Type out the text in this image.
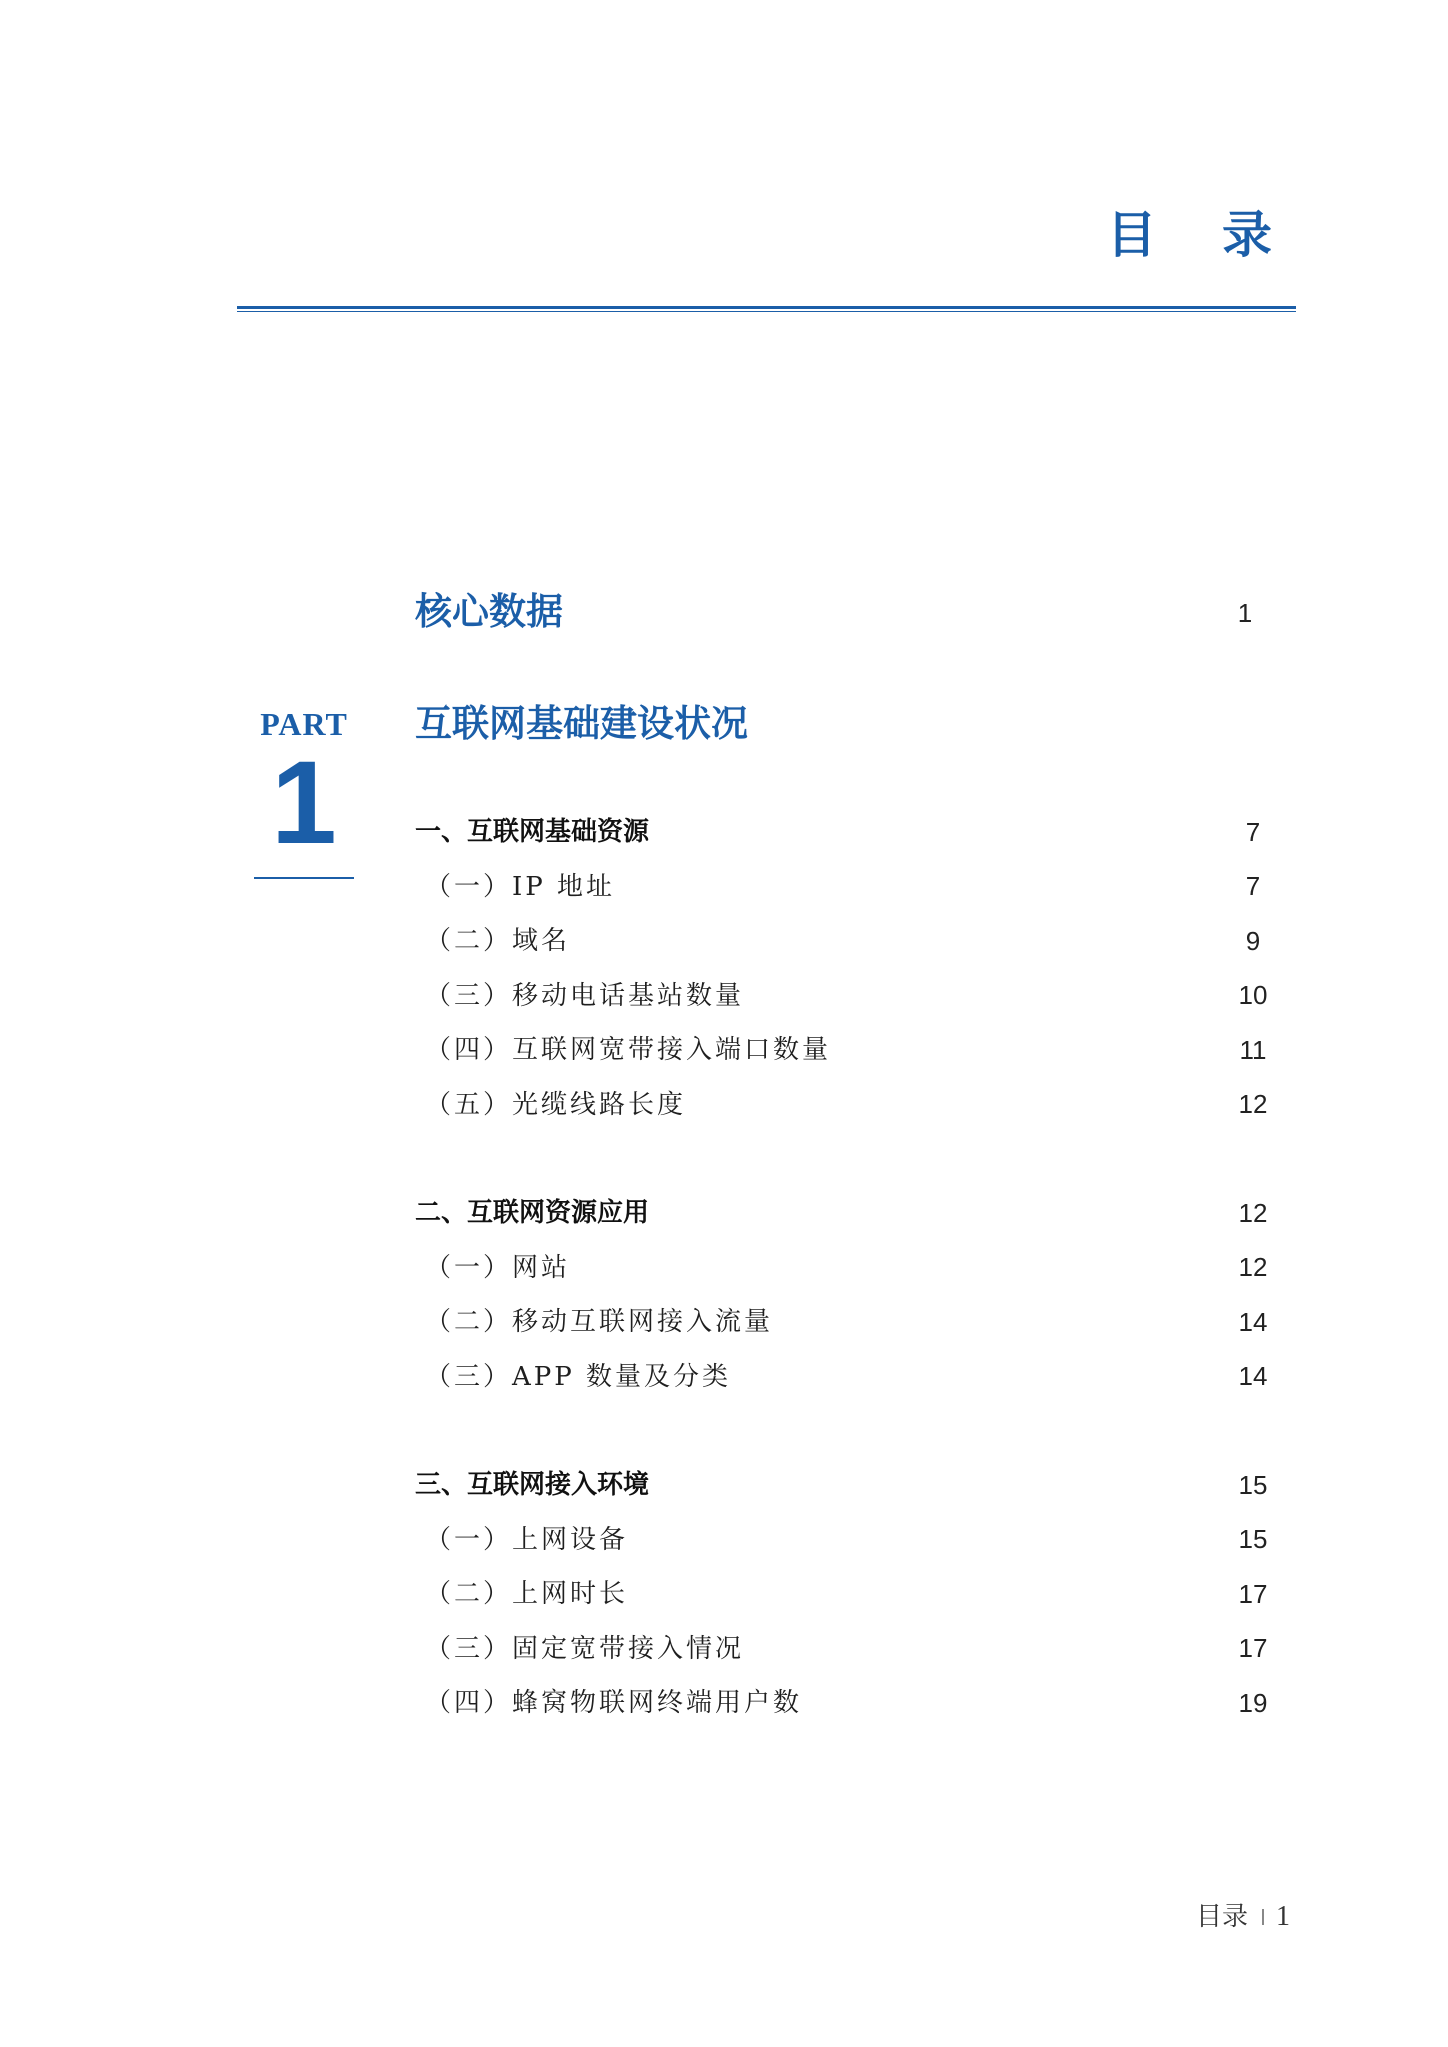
目 录
核心数据	1
PART
1
互联网基础建设状况
一、互联网基础资源	7
（一）IP 地址	7
（二）域名	9
（三）移动电话基站数量	10
（四）互联网宽带接入端口数量	11
（五）光缆线路长度	12
二、互联网资源应用	12
（一）网站	12
（二）移动互联网接入流量	14
（三）APP 数量及分类	14
三、互联网接入环境	15
（一）上网设备	15
（二）上网时长	17
（三）固定宽带接入情况	17
（四）蜂窝物联网终端用户数	19
目录 1
